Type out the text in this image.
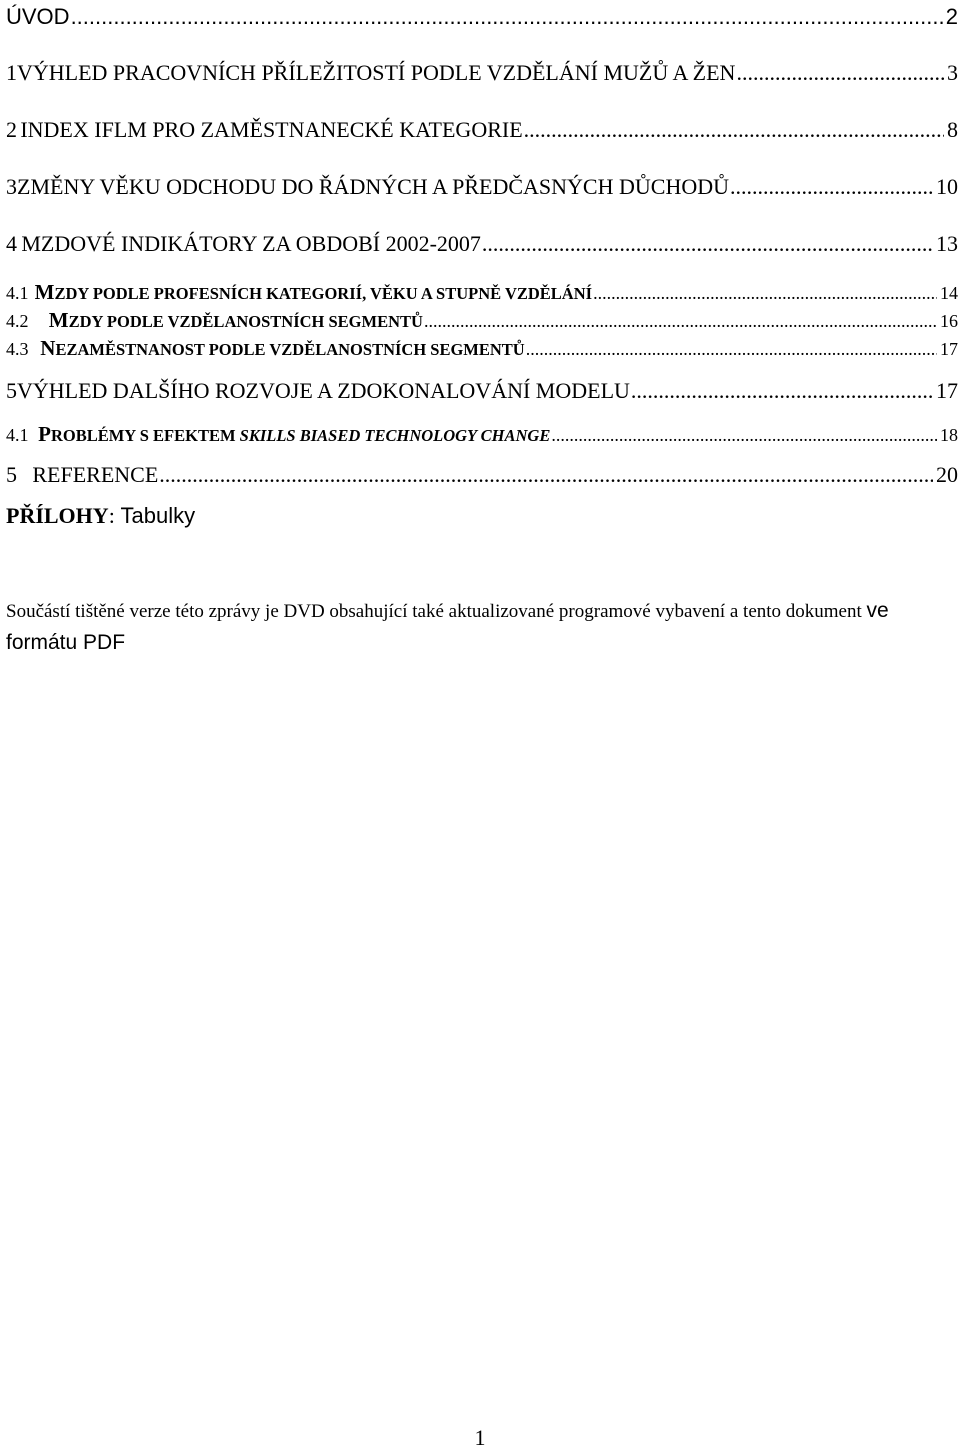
ÚVOD .....	2
1 VÝHLED PRACOVNÍCH PŘÍLEŽITOSTÍ PODLE VZDĚLÁNÍ MUŽŮ A ŽEN .....	3
2 INDEX IFLM PRO ZAMĚSTNANECKÉ KATEGORIE .....	8
3 ZMĚNY VĚKU ODCHODU DO ŘÁDNÝCH A PŘEDČASNÝCH DŮCHODŮ .....	10
4 MZDOVÉ INDIKÁTORY ZA OBDOBÍ 2002-2007 .....	13
4.1 MZDY PODLE PROFESNÍCH KATEGORIÍ, VĚKU A STUPNĚ VZDĚLÁNÍ .....	14
4.2 MZDY PODLE VZDĚLANOSTNÍCH SEGMENTŮ .....	16
4.3 NEZAMĚSTNANOST PODLE VZDĚLANOSTNÍCH SEGMENTŮ .....	17
5 VÝHLED DALŠÍHO ROZVOJE A ZDOKONALOVÁNÍ MODELU .....	17
4.1 PROBLÉMY S EFEKTEM SKILLS BIASED TECHNOLOGY CHANGE .....	18
5 REFERENCE .....	20
PŘÍLOHY: Tabulky
Součástí tištěné verze této zprávy je DVD obsahující také aktualizované programové vybavení a tento dokument ve formátu PDF
1
